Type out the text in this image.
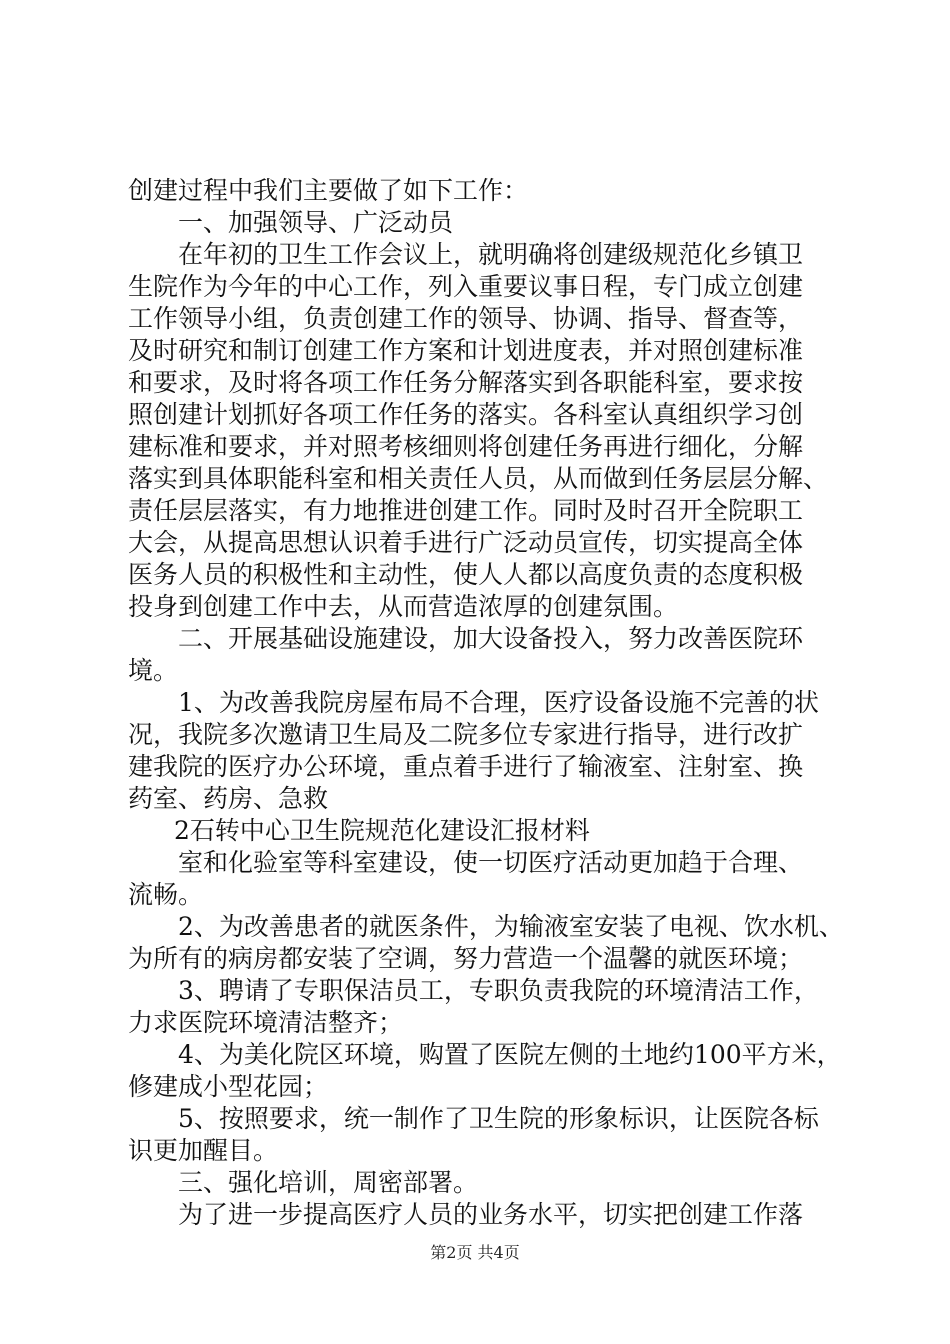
创建过程中我们主要做了如下工作：
一、加强领导、广泛动员
在年初的卫生工作会议上，就明确将创建级规范化乡镇卫
生院作为今年的中心工作，列入重要议事日程，专门成立创建
工作领导小组，负责创建工作的领导、协调、指导、督查等，
及时研究和制订创建工作方案和计划进度表，并对照创建标准
和要求，及时将各项工作任务分解落实到各职能科室，要求按
照创建计划抓好各项工作任务的落实。各科室认真组织学习创
建标准和要求，并对照考核细则将创建任务再进行细化，分解
落实到具体职能科室和相关责任人员，从而做到任务层层分解、
责任层层落实，有力地推进创建工作。同时及时召开全院职工
大会，从提高思想认识着手进行广泛动员宣传，切实提高全体
医务人员的积极性和主动性，使人人都以高度负责的态度积极
投身到创建工作中去，从而营造浓厚的创建氛围。
二、开展基础设施建设，加大设备投入，努力改善医院环
境。
1、为改善我院房屋布局不合理，医疗设备设施不完善的状
况，我院多次邀请卫生局及二院多位专家进行指导，进行改扩
建我院的医疗办公环境，重点着手进行了输液室、注射室、换
药室、药房、急救
2石转中心卫生院规范化建设汇报材料
室和化验室等科室建设，使一切医疗活动更加趋于合理、
流畅。
2、为改善患者的就医条件，为输液室安装了电视、饮水机、
为所有的病房都安装了空调，努力营造一个温馨的就医环境；
3、聘请了专职保洁员工，专职负责我院的环境清洁工作，
力求医院环境清洁整齐；
4、为美化院区环境，购置了医院左侧的土地约100平方米，
修建成小型花园；
5、按照要求，统一制作了卫生院的形象标识，让医院各标
识更加醒目。
三、强化培训，周密部署。
为了进一步提高医疗人员的业务水平，切实把创建工作落
第2页 共4页
